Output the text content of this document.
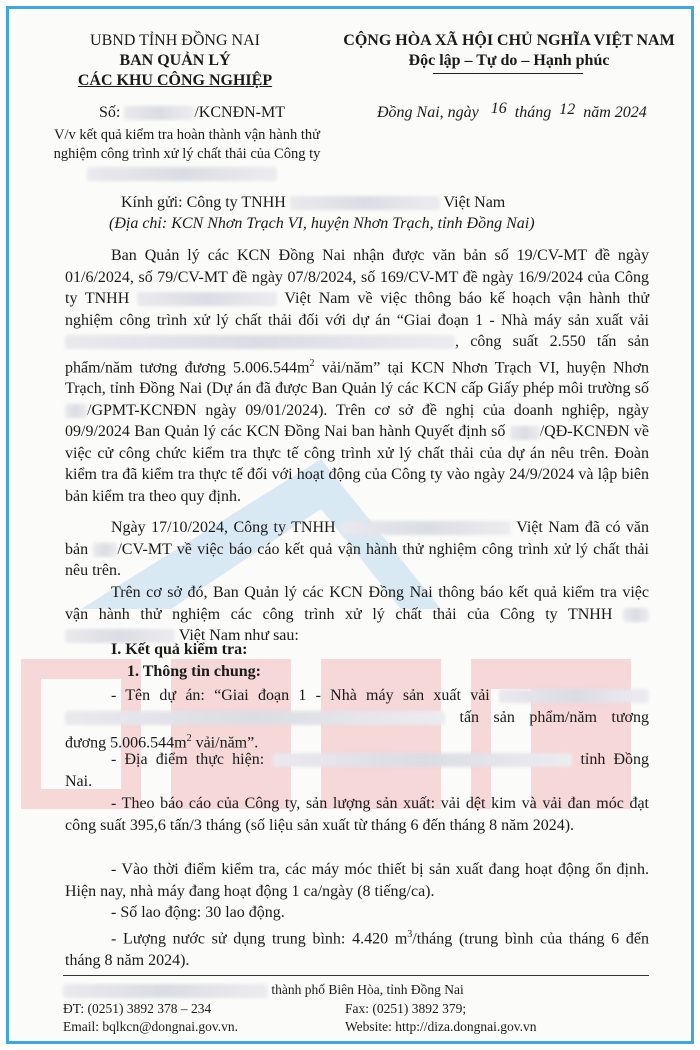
UBND TỈNH ĐỒNG NAI
BAN QUẢN LÝ
CÁC KHU CÔNG NGHIỆP
Số:	/KCNĐN-MT
V/v kết quả kiểm tra hoàn thành vận hành thử
nghiệm công trình xử lý chất thải của Công ty
CỘNG HÒA XÃ HỘI CHỦ NGHĨA VIỆT NAM
Độc lập – Tự do – Hạnh phúc
Đồng Nai, ngày 16 tháng 12 năm 2024
Kính gửi: Công ty TNHH	Việt Nam
(Địa chỉ: KCN Nhơn Trạch VI, huyện Nhơn Trạch, tỉnh Đồng Nai)

Ban Quản lý các KCN Đồng Nai nhận được văn bản số 19/CV-MT đề ngày 01/6/2024, số 79/CV-MT đề ngày 07/8/2024, số 169/CV-MT đề ngày 16/9/2024 của Công ty TNHH	Việt Nam về việc thông báo kế hoạch vận hành thử nghiệm công trình xử lý chất thải đối với dự án “Giai đoạn 1 - Nhà máy sản xuất vải , công suất 2.550 tấn sản phẩm/năm tương đương $5.006.544m^2$ vải/năm” tại KCN Nhơn Trạch VI, huyện Nhơn Trạch, tỉnh Đồng Nai (Dự án đã được Ban Quản lý các KCN cấp Giấy phép môi trường số /GPMT-KCNĐN ngày 09/01/2024). Trên cơ sở đề nghị của doanh nghiệp, ngày 09/9/2024 Ban Quản lý các KCN Đồng Nai ban hành Quyết định số /QĐ-KCNĐN về việc cử công chức kiểm tra thực tế công trình xử lý chất thải của dự án nêu trên. Đoàn kiểm tra đã kiểm tra thực tế đối với hoạt động của Công ty vào ngày 24/9/2024 và lập biên bản kiểm tra theo quy định.

Ngày 17/10/2024, Công ty TNHH	Việt Nam đã có văn bản /CV-MT về việc báo cáo kết quả vận hành thử nghiệm công trình xử lý chất thải nêu trên.

Trên cơ sở đó, Ban Quản lý các KCN Đồng Nai thông báo kết quả kiểm tra việc vận hành thử nghiệm các công trình xử lý chất thải của Công ty TNHH   Việt Nam như sau:

I. Kết quả kiểm tra:
1. Thông tin chung:

- Tên dự án: “Giai đoạn 1 - Nhà máy sản xuất vải   tấn sản phẩm/năm tương đương $5.006.544m^2$ vải/năm”.

- Địa điểm thực hiện:	tỉnh Đồng Nai.

- Theo báo cáo của Công ty, sản lượng sản xuất: vải dệt kim và vải đan móc đạt công suất 395,6 tấn/3 tháng (số liệu sản xuất từ tháng 6 đến tháng 8 năm 2024).

- Vào thời điểm kiểm tra, các máy móc thiết bị sản xuất đang hoạt động ổn định. Hiện nay, nhà máy đang hoạt động 1 ca/ngày (8 tiếng/ca).

- Số lao động: 30 lao động.

- Lượng nước sử dụng trung bình: 4.420 $m^3$/tháng (trung bình của tháng 6 đến tháng 8 năm 2024).

thành phố Biên Hòa, tỉnh Đồng Nai
ĐT: (0251) 3892 378 – 234	Fax: (0251) 3892 379;
Email: bqlkcn@dongnai.gov.vn.	Website: http://diza.dongnai.gov.vn
